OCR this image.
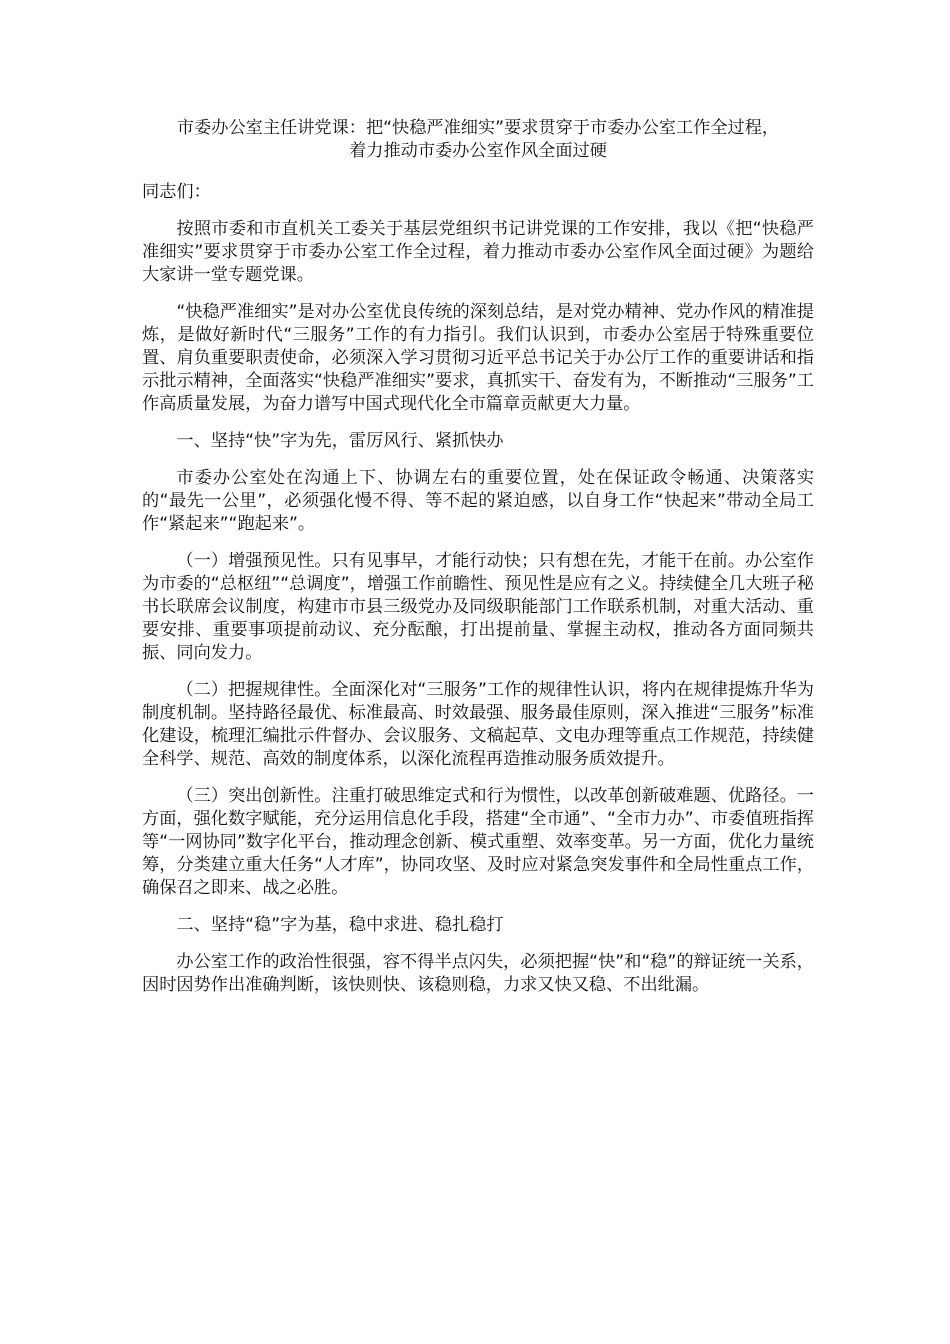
市委办公室主任讲党课：把“快稳严准细实”要求贯穿于市委办公室工作全过程，
着力推动市委办公室作风全面过硬

同志们：

按照市委和市直机关工委关于基层党组织书记讲党课的工作安排，我以《把“快稳严准细实”要求贯穿于市委办公室工作全过程，着力推动市委办公室作风全面过硬》为题给大家讲一堂专题党课。

“快稳严准细实”是对办公室优良传统的深刻总结，是对党办精神、党办作风的精准提炼，是做好新时代“三服务”工作的有力指引。我们认识到，市委办公室居于特殊重要位置、肩负重要职责使命，必须深入学习贯彻习近平总书记关于办公厅工作的重要讲话和指示批示精神，全面落实“快稳严准细实”要求，真抓实干、奋发有为，不断推动“三服务”工作高质量发展，为奋力谱写中国式现代化全市篇章贡献更大力量。

一、坚持“快”字为先，雷厉风行、紧抓快办

市委办公室处在沟通上下、协调左右的重要位置，处在保证政令畅通、决策落实的“最先一公里”，必须强化慢不得、等不起的紧迫感，以自身工作“快起来”带动全局工作“紧起来”“跑起来”。

（一）增强预见性。只有见事早，才能行动快；只有想在先，才能干在前。办公室作为市委的“总枢纽”“总调度”，增强工作前瞻性、预见性是应有之义。持续健全几大班子秘书长联席会议制度，构建市市县三级党办及同级职能部门工作联系机制，对重大活动、重要安排、重要事项提前动议、充分酝酿，打出提前量、掌握主动权，推动各方面同频共振、同向发力。

（二）把握规律性。全面深化对“三服务”工作的规律性认识，将内在规律提炼升华为制度机制。坚持路径最优、标准最高、时效最强、服务最佳原则，深入推进“三服务”标准化建设，梳理汇编批示件督办、会议服务、文稿起草、文电办理等重点工作规范，持续健全科学、规范、高效的制度体系，以深化流程再造推动服务质效提升。

（三）突出创新性。注重打破思维定式和行为惯性，以改革创新破难题、优路径。一方面，强化数字赋能，充分运用信息化手段，搭建“全市通”、“全市力办”、市委值班指挥等“一网协同”数字化平台，推动理念创新、模式重塑、效率变革。另一方面，优化力量统筹，分类建立重大任务“人才库”，协同攻坚、及时应对紧急突发事件和全局性重点工作，确保召之即来、战之必胜。

二、坚持“稳”字为基，稳中求进、稳扎稳打

办公室工作的政治性很强，容不得半点闪失，必须把握“快”和“稳”的辩证统一关系，因时因势作出准确判断，该快则快、该稳则稳，力求又快又稳、不出纰漏。
